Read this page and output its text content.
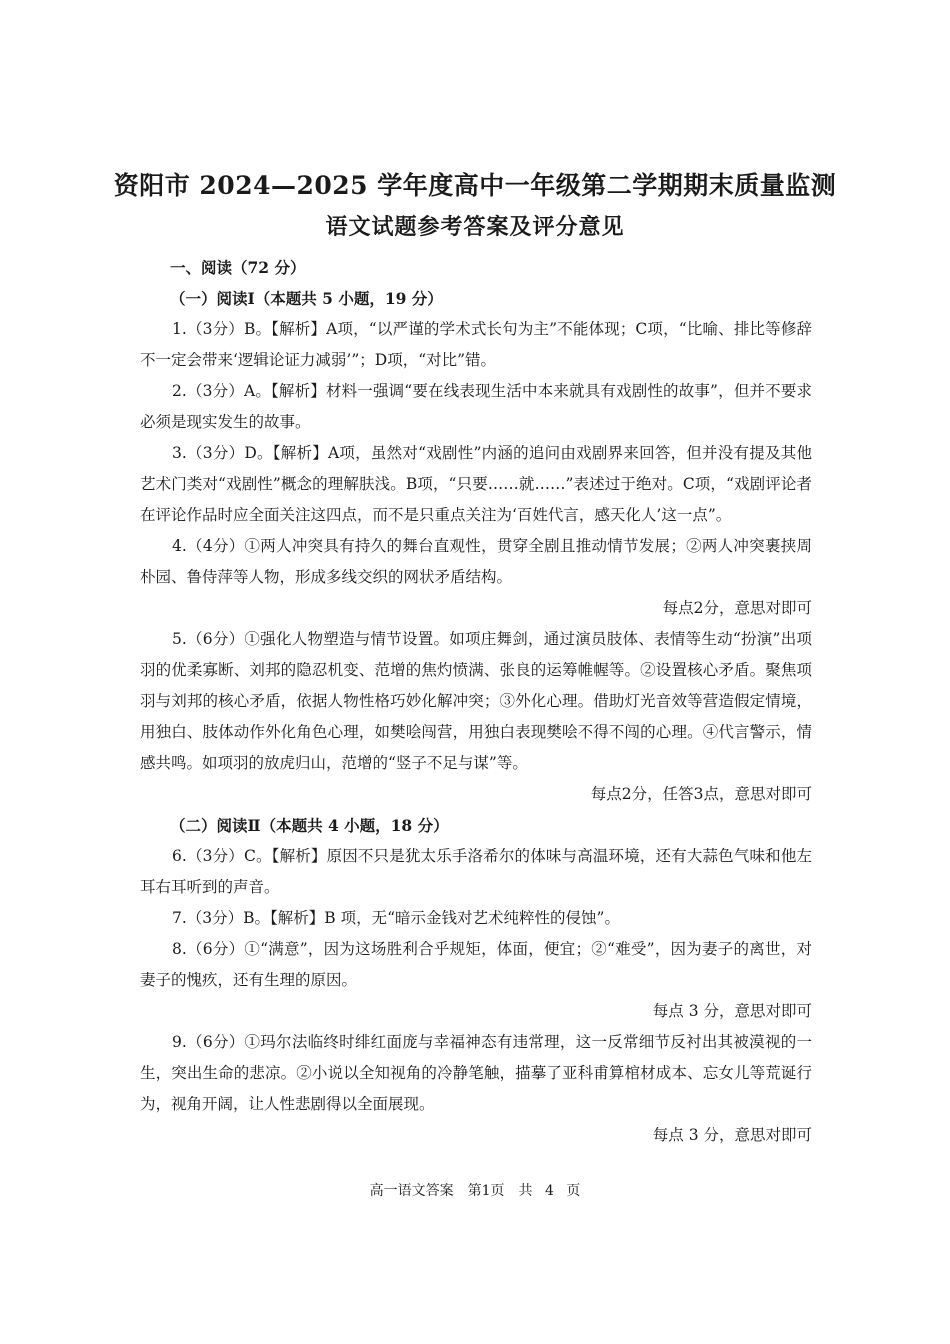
资阳市 2024—2025 学年度高中一年级第二学期期末质量监测
语文试题参考答案及评分意见
一、阅读（72 分）
（一）阅读Ⅰ（本题共 5 小题，19 分）
1.（3分）B。【解析】A项，“以严谨的学术式长句为主”不能体现；C项，“比喻、排比等修辞不一定会带来‘逻辑论证力减弱’”；D项，“对比”错。
2.（3分）A。【解析】材料一强调“要在线表现生活中本来就具有戏剧性的故事”，但并不要求必须是现实发生的故事。
3.（3分）D。【解析】A项，虽然对“戏剧性”内涵的追问由戏剧界来回答，但并没有提及其他艺术门类对“戏剧性”概念的理解肤浅。B项，“只要……就……”表述过于绝对。C项，“戏剧评论者在评论作品时应全面关注这四点，而不是只重点关注为‘百姓代言，感天化人’这一点”。
4.（4分）①两人冲突具有持久的舞台直观性，贯穿全剧且推动情节发展；②两人冲突裹挟周朴园、鲁侍萍等人物，形成多线交织的网状矛盾结构。
每点2分，意思对即可
5.（6分）①强化人物塑造与情节设置。如项庄舞剑，通过演员肢体、表情等生动“扮演”出项羽的优柔寡断、刘邦的隐忍机变、范增的焦灼愤满、张良的运筹帷幄等。②设置核心矛盾。聚焦项羽与刘邦的核心矛盾，依据人物性格巧妙化解冲突；③外化心理。借助灯光音效等营造假定情境，用独白、肢体动作外化角色心理，如樊哙闯营，用独白表现樊哙不得不闯的心理。④代言警示，情感共鸣。如项羽的放虎归山，范增的“竖子不足与谋”等。
每点2分，任答3点，意思对即可
（二）阅读Ⅱ（本题共 4 小题，18 分）
6.（3分）C。【解析】原因不只是犹太乐手洛希尔的体味与高温环境，还有大蒜色气味和他左耳右耳听到的声音。
7.（3分）B。【解析】B 项，无“暗示金钱对艺术纯粹性的侵蚀”。
8.（6分）①“满意”，因为这场胜利合乎规矩，体面，便宜；②“难受”，因为妻子的离世，对妻子的愧疚，还有生理的原因。
每点 3 分，意思对即可
9.（6分）①玛尔法临终时绯红面庞与幸福神态有违常理，这一反常细节反衬出其被漠视的一生，突出生命的悲凉。②小说以全知视角的冷静笔触，描摹了亚科甫算棺材成本、忘女儿等荒诞行为，视角开阔，让人性悲剧得以全面展现。
每点 3 分，意思对即可
高一语文答案　第1页　共 4 页
